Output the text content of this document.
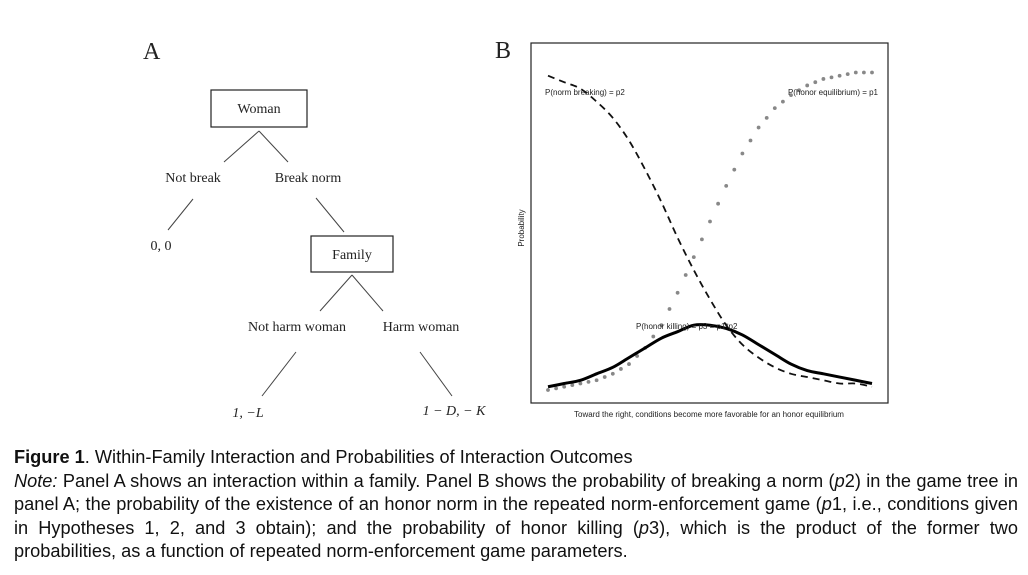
A
Woman
Not break	Break norm
0, 0
Family
Not harm woman	Harm woman
1, −L	1 − D, − K
B
Probability
Toward the right, conditions become more favorable for an honor equilibrium
P(norm breaking) = p2	P(honor equilibrium) = p1
P(honor killing) = p3 = p1*p2

Figure 1. Within-Family Interaction and Probabilities of Interaction Outcomes

Note: Panel A shows an interaction within a family. Panel B shows the probability of breaking a norm (p2) in the game tree in panel A; the probability of the existence of an honor norm in the repeated norm-enforcement game (p1, i.e., conditions given in Hypotheses 1, 2, and 3 obtain); and the probability of honor killing (p3), which is the product of the former two probabilities, as a function of repeated norm-enforcement game parameters.
